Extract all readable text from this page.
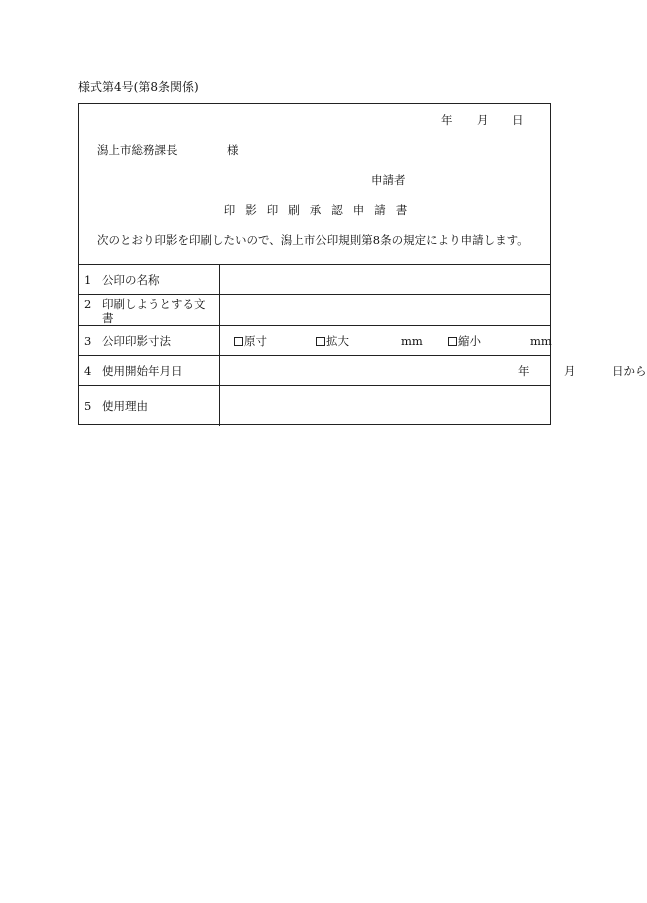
様式第4号(第8条関係)
年 月 日
潟上市総務課長	様
申請者
印 影 印 刷 承 認 申 請 書
次のとおり印影を印刷したいので、潟上市公印規則第8条の規定により申請します。
1 公印の名称	

2 印刷しようとする文書	

3 公印印影寸法	原寸 拡大 mm 縮小 mm
4 使用開始年月日	年 月 日から

5 使用理由	
